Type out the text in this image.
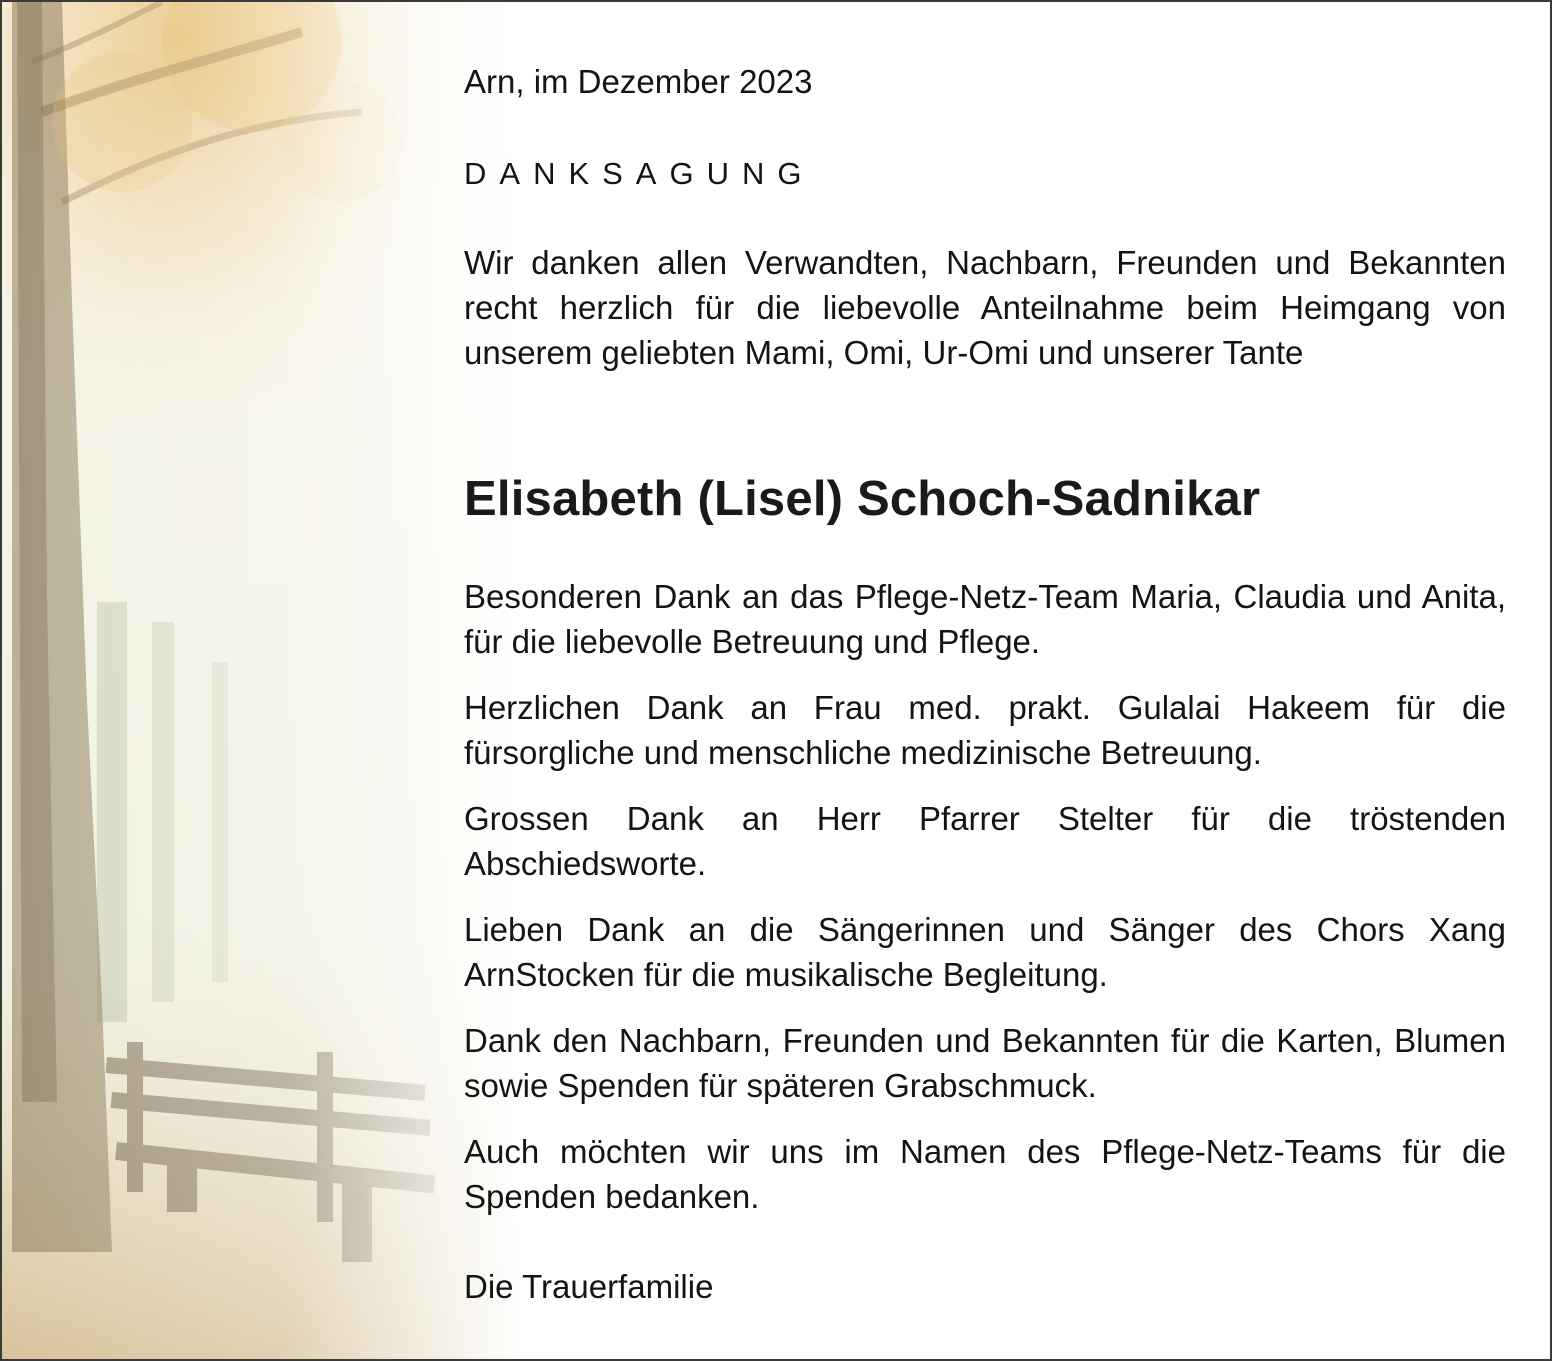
Arn, im Dezember 2023
DANKSAGUNG
Wir danken allen Verwandten, Nachbarn, Freunden und Bekannten recht herzlich für die liebevolle Anteilnahme beim Heimgang von unserem geliebten Mami, Omi, Ur-Omi und unserer Tante
Elisabeth (Lisel) Schoch-Sadnikar

Besonderen Dank an das Pflege-Netz-Team Maria, Claudia und Anita, für die liebevolle Betreuung und Pflege.

Herzlichen Dank an Frau med. prakt. Gulalai Hakeem für die fürsorgliche und menschliche medizinische Betreuung.

Grossen Dank an Herr Pfarrer Stelter für die tröstenden Abschiedsworte.

Lieben Dank an die Sängerinnen und Sänger des Chors Xang ArnStocken für die musikalische Begleitung.

Dank den Nachbarn, Freunden und Bekannten für die Karten, Blumen sowie Spenden für späteren Grabschmuck.

Auch möchten wir uns im Namen des Pflege-Netz-Teams für die Spenden bedanken.

Die Trauerfamilie
